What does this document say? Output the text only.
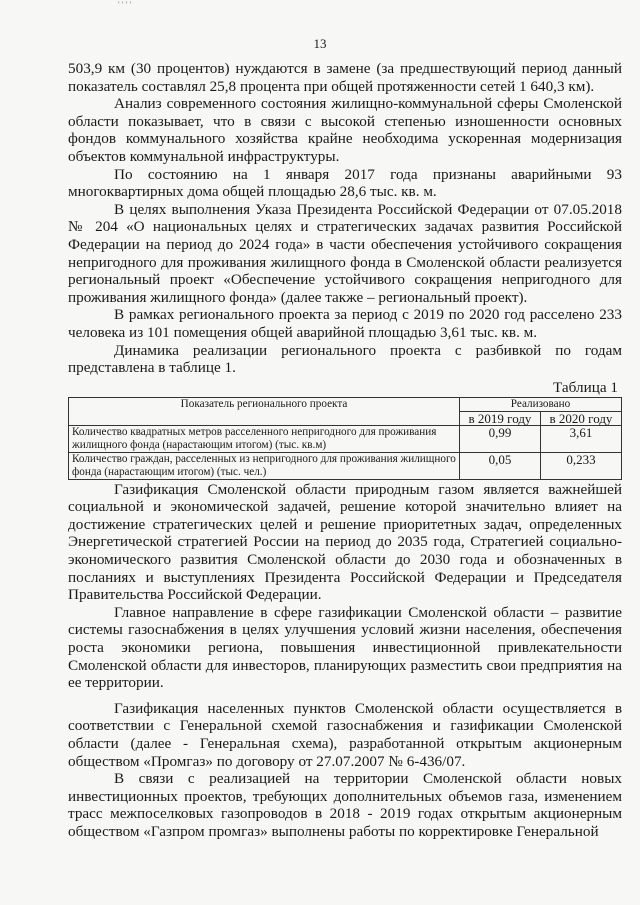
' ' ' '
13

503,9 км (30 процентов) нуждаются в замене (за предшествующий период данный показатель составлял 25,8 процента при общей протяженности сетей 1 640,3 км).

Анализ современного состояния жилищно-коммунальной сферы Смоленской области показывает, что в связи с высокой степенью изношенности основных фондов коммунального хозяйства крайне необходима ускоренная модернизация объектов коммунальной инфраструктуры.

По состоянию на 1 января 2017 года признаны аварийными 93 многоквартирных дома общей площадью 28,6 тыс. кв. м.

В целях выполнения Указа Президента Российской Федерации от 07.05.2018 № 204 «О национальных целях и стратегических задачах развития Российской Федерации на период до 2024 года» в части обеспечения устойчивого сокращения непригодного для проживания жилищного фонда в Смоленской области реализуется региональный проект «Обеспечение устойчивого сокращения непригодного для проживания жилищного фонда» (далее также – региональный проект).

В рамках регионального проекта за период с 2019 по 2020 год расселено 233 человека из 101 помещения общей аварийной площадью 3,61 тыс. кв. м.

Динамика реализации регионального проекта с разбивкой по годам представлена в таблице 1.

Таблица 1
Показатель регионального проекта	Реализовано	
	в 2019 году	в 2020 году
Количество квадратных метров расселенного непригодного для проживания жилищного фонда (нарастающим итогом) (тыс. кв.м)	0,99	3,61
Количество граждан, расселенных из непригодного для проживания жилищного фонда (нарастающим итогом) (тыс. чел.)	0,05	0,233

Газификация Смоленской области природным газом является важнейшей социальной и экономической задачей, решение которой значительно влияет на достижение стратегических целей и решение приоритетных задач, определенных Энергетической стратегией России на период до 2035 года, Стратегией социально-экономического развития Смоленской области до 2030 года и обозначенных в посланиях и выступлениях Президента Российской Федерации и Председателя Правительства Российской Федерации.

Главное направление в сфере газификации Смоленской области – развитие системы газоснабжения в целях улучшения условий жизни населения, обеспечения роста экономики региона, повышения инвестиционной привлекательности Смоленской области для инвесторов, планирующих разместить свои предприятия на ее территории.

Газификация населенных пунктов Смоленской области осуществляется в соответствии с Генеральной схемой газоснабжения и газификации Смоленской области (далее - Генеральная схема), разработанной открытым акционерным обществом «Промгаз» по договору от 27.07.2007 № 6-436/07.

В связи с реализацией на территории Смоленской области новых инвестиционных проектов, требующих дополнительных объемов газа, изменением трасс межпоселковых газопроводов в 2018 - 2019 годах открытым акционерным обществом «Газпром промгаз» выполнены работы по корректировке Генеральной
